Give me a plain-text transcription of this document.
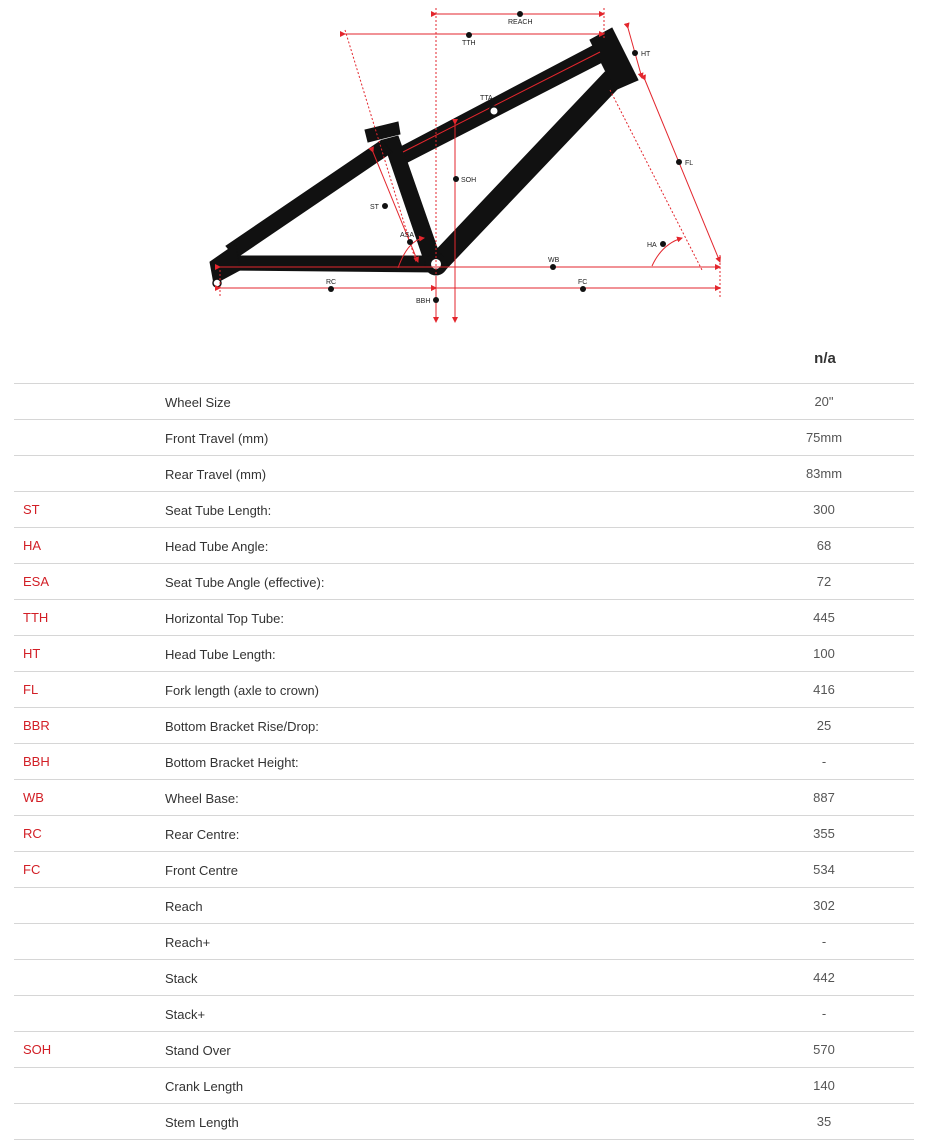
REACH
TTH
HT
TTA
SOH
FL
ST
ASA
HA
WB
RC	FC
BBH
n/a
Wheel Size	20"
Front Travel (mm)	75mm
Rear Travel (mm)	83mm
ST	Seat Tube Length:	300
HA	Head Tube Angle:	68
ESA	Seat Tube Angle (effective):	72
TTH	Horizontal Top Tube:	445
HT	Head Tube Length:	100
FL	Fork length (axle to crown)	416
BBR	Bottom Bracket Rise/Drop:	25
BBH	Bottom Bracket Height:	-
WB	Wheel Base:	887
RC	Rear Centre:	355
FC	Front Centre	534
Reach	302
Reach+	-
Stack	442
Stack+	-
SOH	Stand Over	570
Crank Length	140
Stem Length	35
